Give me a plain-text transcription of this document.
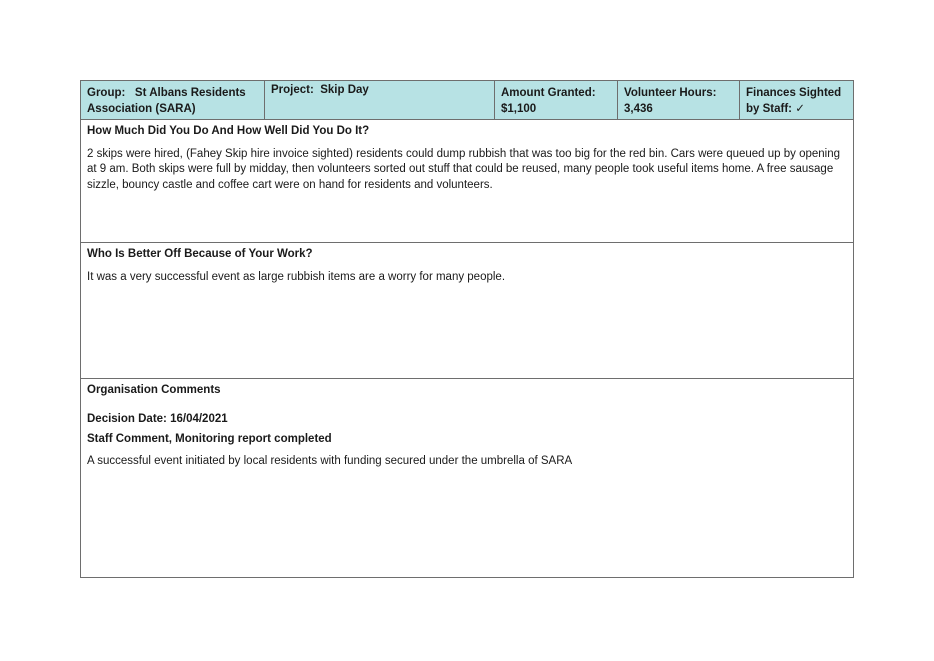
Group: St Albans Residents
Association (SARA)
Project: Skip Day	Amount Granted:
$1,100
Volunteer Hours:
3,436
Finances Sighted
by Staff: ✓

How Much Did You Do And How Well Did You Do It?

2 skips were hired, (Fahey Skip hire invoice sighted) residents could dump rubbish that was too big for the red bin. Cars were queued up by opening at 9 am. Both skips were full by midday, then volunteers sorted out stuff that could be reused, many people took useful items home. A free sausage sizzle, bouncy castle and coffee cart were on hand for residents and volunteers.

Who Is Better Off Because of Your Work?

It was a very successful event as large rubbish items are a worry for many people.

Organisation Comments

Decision Date: 16/04/2021

Staff Comment, Monitoring report completed

A successful event initiated by local residents with funding secured under the umbrella of SARA
